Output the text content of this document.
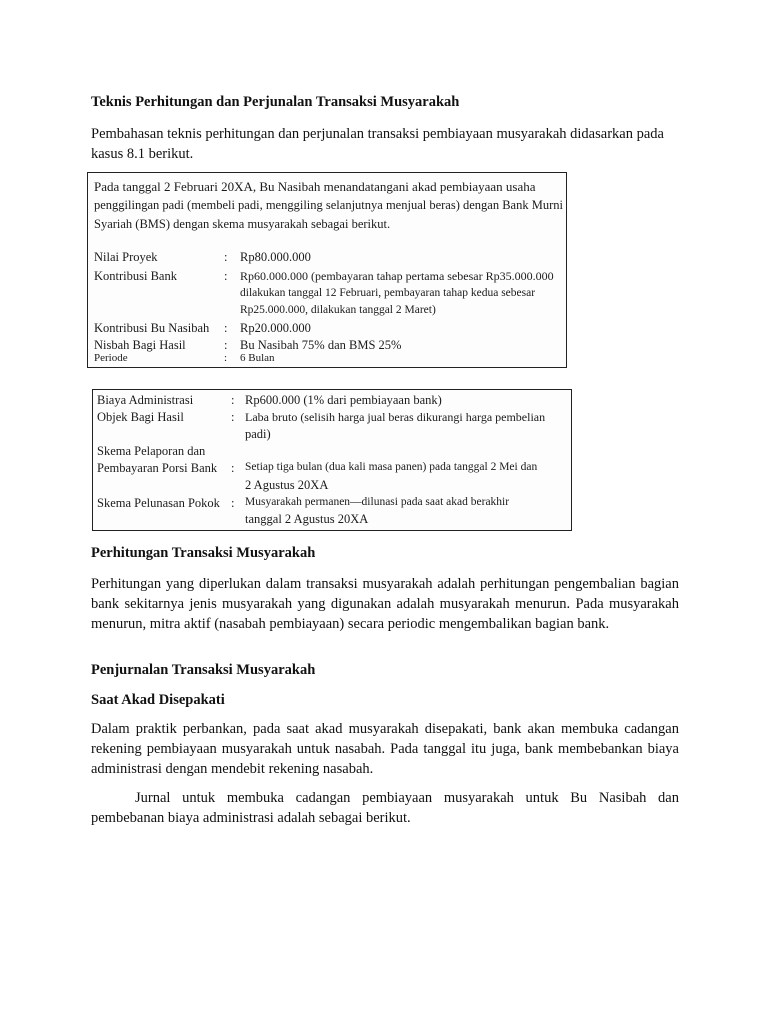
Teknis Perhitungan dan Perjunalan Transaksi Musyarakah
Pembahasan teknis perhitungan dan perjunalan transaksi pembiayaan musyarakah didasarkan pada kasus 8.1 berikut.
Pada tanggal 2 Februari 20XA, Bu Nasibah menandatangani akad pembiayaan usaha
penggilingan padi (membeli padi, menggiling selanjutnya menjual beras) dengan Bank Murni
Syariah (BMS) dengan skema musyarakah sebagai berikut.
Nilai Proyek	: Rp80.000.000
Kontribusi Bank	: Rp60.000.000 (pembayaran tahap pertama sebesar Rp35.000.000
dilakukan tanggal 12 Februari, pembayaran tahap kedua sebesar
Rp25.000.000, dilakukan tanggal 2 Maret)
Kontribusi Bu Nasibah : Rp20.000.000
Nisbah Bagi Hasil	: Bu Nasibah 75% dan BMS 25%
Periode	: 6 Bulan
Biaya Administrasi	: Rp600.000 (1% dari pembiayaan bank)
Objek Bagi Hasil	: Laba bruto (selisih harga jual beras dikurangi harga pembelian
padi)
Skema Pelaporan dan
Pembayaran Porsi Bank : Setiap tiga bulan (dua kali masa panen) pada tanggal 2 Mei dan
2 Agustus 20XA
Skema Pelunasan Pokok : Musyarakah permanen—dilunasi pada saat akad berakhir
tanggal 2 Agustus 20XA
Perhitungan Transaksi Musyarakah
Perhitungan yang diperlukan dalam transaksi musyarakah adalah perhitungan pengembalian bagian bank sekitarnya jenis musyarakah yang digunakan adalah musyarakah menurun. Pada musyarakah menurun, mitra aktif (nasabah pembiayaan) secara periodic mengembalikan bagian bank.
Penjurnalan Transaksi Musyarakah
Saat Akad Disepakati
Dalam praktik perbankan, pada saat akad musyarakah disepakati, bank akan membuka cadangan rekening pembiayaan musyarakah untuk nasabah. Pada tanggal itu juga, bank membebankan biaya administrasi dengan mendebit rekening nasabah.
Jurnal untuk membuka cadangan pembiayaan musyarakah untuk Bu Nasibah dan pembebanan biaya administrasi adalah sebagai berikut.
